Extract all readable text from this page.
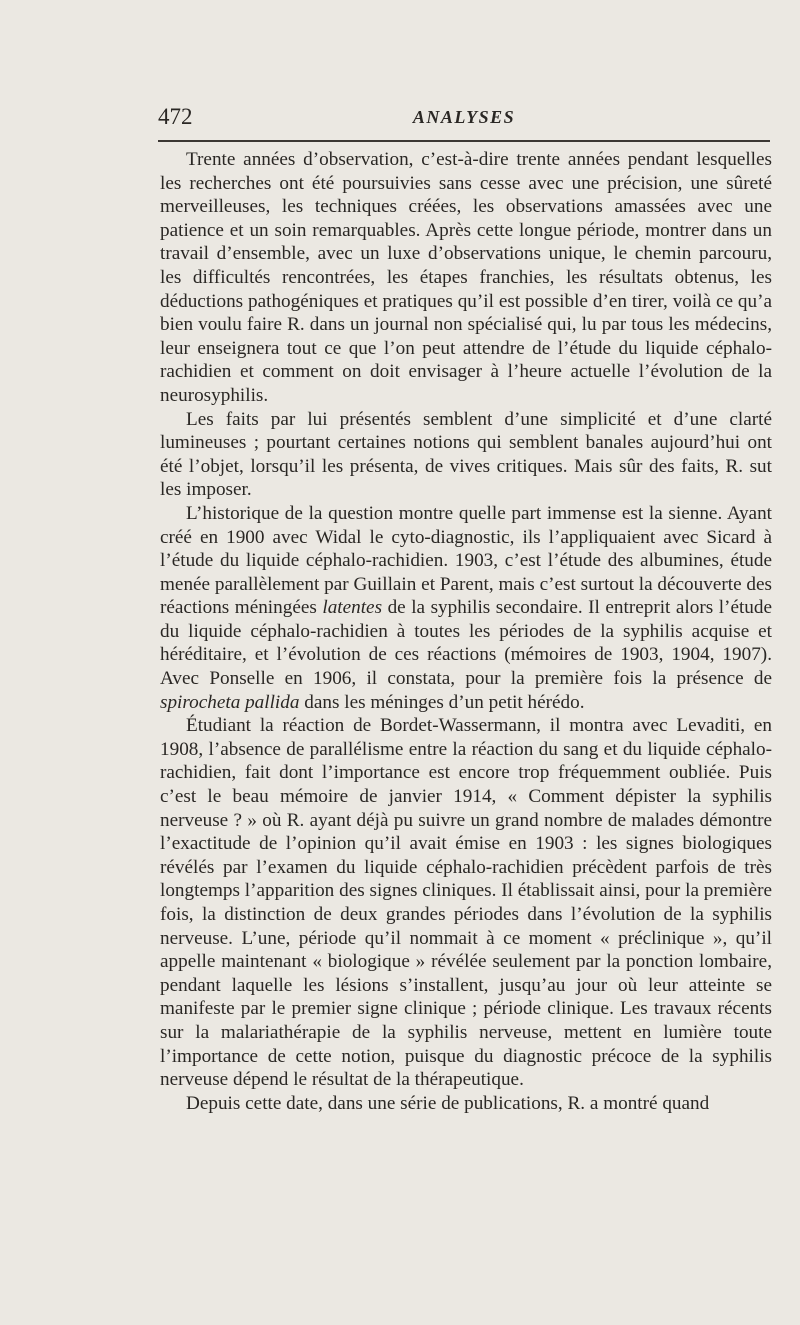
472	ANALYSES

Trente années d’observation, c’est-à-dire trente années pendant lesquelles les recherches ont été poursuivies sans cesse avec une précision, une sûreté merveilleuses, les techniques créées, les observations amassées avec une patience et un soin remarquables. Après cette longue période, montrer dans un travail d’ensemble, avec un luxe d’observations unique, le chemin parcouru, les difficultés rencontrées, les étapes franchies, les résultats obtenus, les déductions pathogéniques et pratiques qu’il est possible d’en tirer, voilà ce qu’a bien voulu faire R. dans un journal non spécialisé qui, lu par tous les médecins, leur enseignera tout ce que l’on peut attendre de l’étude du liquide céphalo-rachidien et comment on doit envisager à l’heure actuelle l’évolution de la neurosyphilis.

Les faits par lui présentés semblent d’une simplicité et d’une clarté lumineuses ; pourtant certaines notions qui semblent banales aujourd’hui ont été l’objet, lorsqu’il les présenta, de vives critiques. Mais sûr des faits, R. sut les imposer.

L’historique de la question montre quelle part immense est la sienne. Ayant créé en 1900 avec Widal le cyto-diagnostic, ils l’appliquaient avec Sicard à l’étude du liquide céphalo-rachidien. 1903, c’est l’étude des albumines, étude menée parallèlement par Guillain et Parent, mais c’est surtout la découverte des réactions méningées latentes de la syphilis secondaire. Il entreprit alors l’étude du liquide céphalo-rachidien à toutes les périodes de la syphilis acquise et héréditaire, et l’évolution de ces réactions (mémoires de 1903, 1904, 1907). Avec Ponselle en 1906, il constata, pour la première fois la présence de spirocheta pallida dans les méninges d’un petit hérédo.

Étudiant la réaction de Bordet-Wassermann, il montra avec Levaditi, en 1908, l’absence de parallélisme entre la réaction du sang et du liquide céphalo-rachidien, fait dont l’importance est encore trop fréquemment oubliée. Puis c’est le beau mémoire de janvier 1914, « Comment dépister la syphilis nerveuse ? » où R. ayant déjà pu suivre un grand nombre de malades démontre l’exactitude de l’opinion qu’il avait émise en 1903 : les signes biologiques révélés par l’examen du liquide céphalo-rachidien précèdent parfois de très longtemps l’apparition des signes cliniques. Il établissait ainsi, pour la première fois, la distinction de deux grandes périodes dans l’évolution de la syphilis nerveuse. L’une, période qu’il nommait à ce moment « préclinique », qu’il appelle maintenant « biologique » révélée seulement par la ponction lombaire, pendant laquelle les lésions s’installent, jusqu’au jour où leur atteinte se manifeste par le premier signe clinique ; période clinique. Les travaux récents sur la malariathérapie de la syphilis nerveuse, mettent en lumière toute l’importance de cette notion, puisque du diagnostic précoce de la syphilis nerveuse dépend le résultat de la thérapeutique.

Depuis cette date, dans une série de publications, R. a montré quand
